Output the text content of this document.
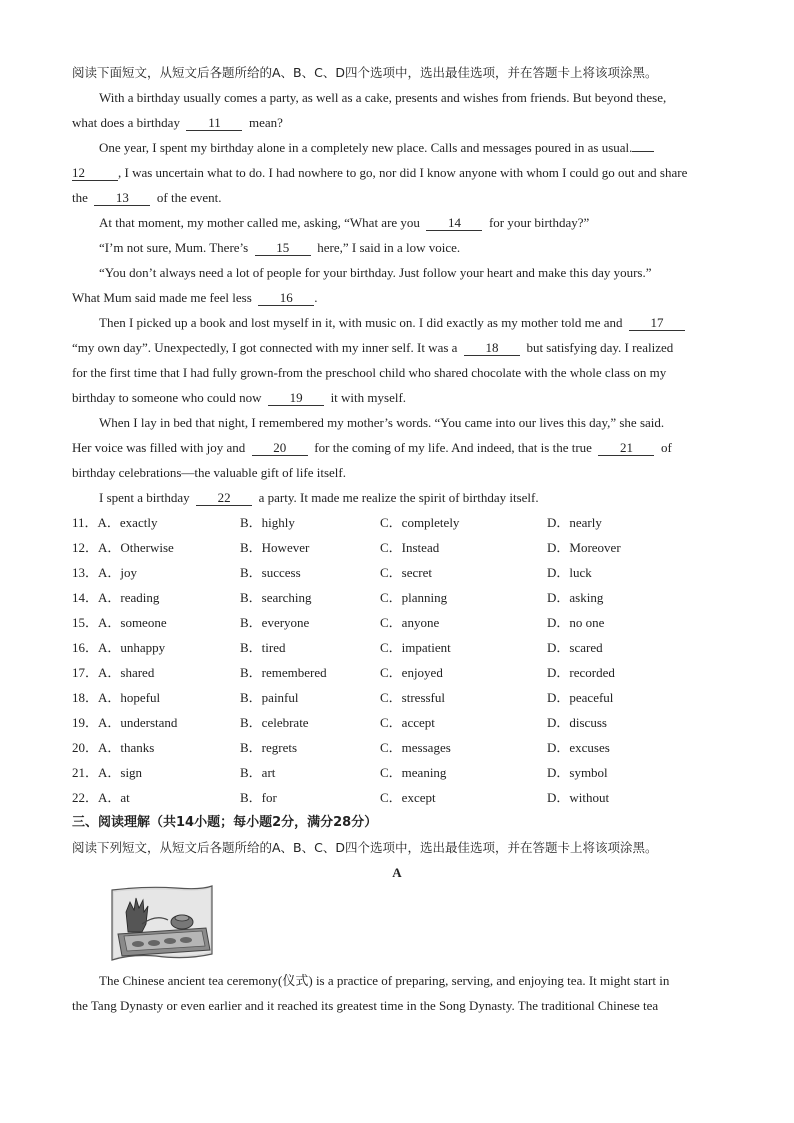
阅读下面短文，从短文后各题所给的A、B、C、D四个选项中，选出最佳选项，并在答题卡上将该项涂黑。
With a birthday usually comes a party, as well as a cake, presents and wishes from friends. But beyond these,
what does a birthday 11 mean?
One year, I spent my birthday alone in a completely new place. Calls and messages poured in as usual.
12	, I was uncertain what to do. I had nowhere to go, nor did I know anyone with whom I could go out and share
the 13 of the event.
At that moment, my mother called me, asking, “What are you 14 for your birthday?”
“I’m not sure, Mum. There’s 15 here,” I said in a low voice.
“You don’t always need a lot of people for your birthday. Just follow your heart and make this day yours.”
What Mum said made me feel less 16 .
Then I picked up a book and lost myself in it, with music on. I did exactly as my mother told me and 17
“my own day”. Unexpectedly, I got connected with my inner self. It was a 18 but satisfying day. I realized
for the first time that I had fully grown-from the preschool child who shared chocolate with the whole class on my
birthday to someone who could now 19 it with myself.
When I lay in bed that night, I remembered my mother’s words. “You came into our lives this day,” she said.
Her voice was filled with joy and 20 for the coming of my life. And indeed, that is the true 21 of
birthday celebrations—the valuable gift of life itself.
I spent a birthday 22 a party. It made me realize the spirit of birthday itself.
11．A．exactly	B．highly	C．completely	D．nearly
12．A．Otherwise	B．However	C．Instead	D．Moreover
13．A．joy	B．success	C．secret	D．luck
14．A．reading	B．searching	C．planning	D．asking
15．A．someone	B．everyone	C．anyone	D．no one
16．A．unhappy	B．tired	C．impatient	D．scared
17．A．shared	B．remembered	C．enjoyed	D．recorded
18．A．hopeful	B．painful	C．stressful	D．peaceful
19．A．understand	B．celebrate	C．accept	D．discuss
20．A．thanks	B．regrets	C．messages	D．excuses
21．A．sign	B．art	C．meaning	D．symbol
22．A．at	B．for	C．except	D．without
三、阅读理解（共14小题；每小题2分，满分28分）
阅读下列短文，从短文后各题所给的A、B、C、D四个选项中，选出最佳选项，并在答题卡上将该项涂黑。
A
The Chinese ancient tea ceremony(仪式) is a practice of preparing, serving, and enjoying tea. It might start in
the Tang Dynasty or even earlier and it reached its greatest time in the Song Dynasty. The traditional Chinese tea
